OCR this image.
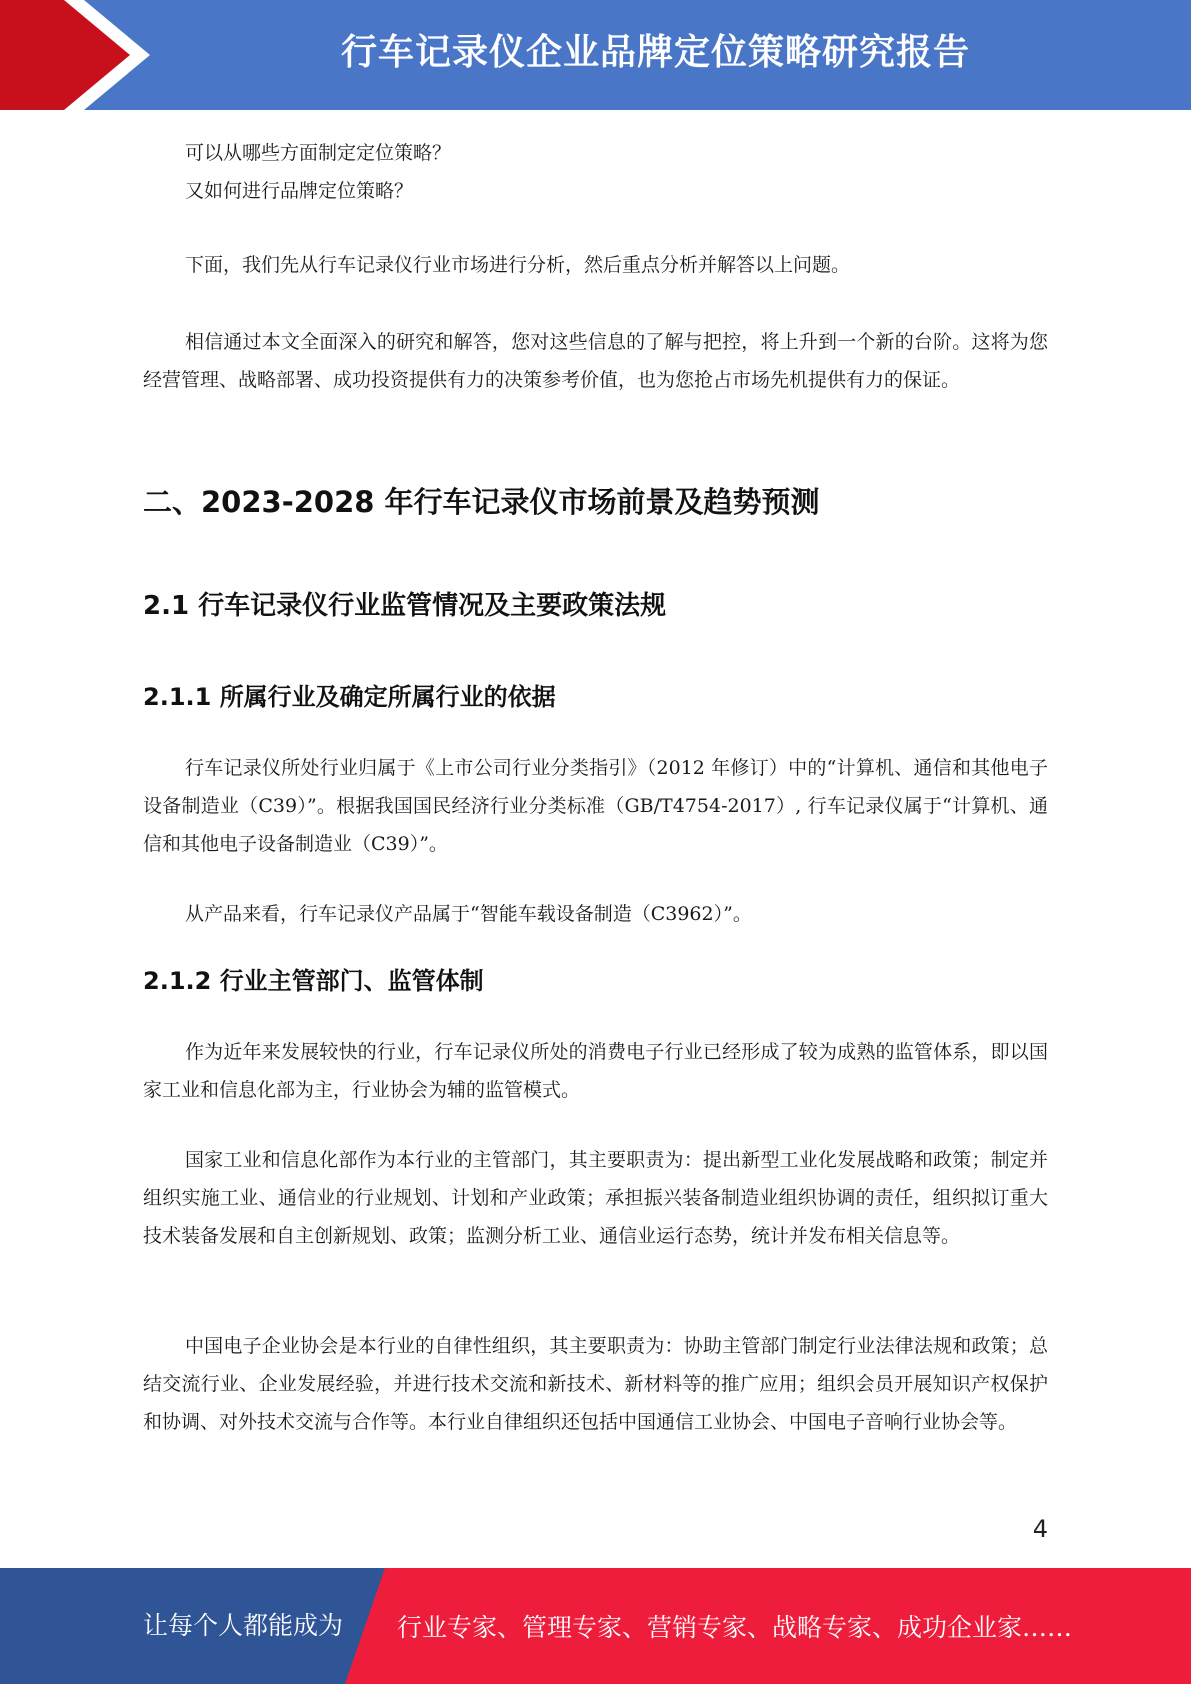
行车记录仪企业品牌定位策略研究报告

可以从哪些方面制定定位策略？

又如何进行品牌定位策略？

下面，我们先从行车记录仪行业市场进行分析，然后重点分析并解答以上问题。

相信通过本文全面深入的研究和解答，您对这些信息的了解与把控，将上升到一个新的台阶。这将为您经营管理、战略部署、成功投资提供有力的决策参考价值，也为您抢占市场先机提供有力的保证。

二、2023-2028 年行车记录仪市场前景及趋势预测
2.1 行车记录仪行业监管情况及主要政策法规
2.1.1 所属行业及确定所属行业的依据

行车记录仪所处行业归属于《上市公司行业分类指引》（2012 年修订）中的“计算机、通信和其他电子设备制造业（C39）”。根据我国国民经济行业分类标准（GB/T4754-2017）, 行车记录仪属于“计算机、通信和其他电子设备制造业（C39）”。

从产品来看，行车记录仪产品属于“智能车载设备制造（C3962）”。

2.1.2 行业主管部门、监管体制

作为近年来发展较快的行业，行车记录仪所处的消费电子行业已经形成了较为成熟的监管体系，即以国家工业和信息化部为主，行业协会为辅的监管模式。

国家工业和信息化部作为本行业的主管部门，其主要职责为：提出新型工业化发展战略和政策；制定并组织实施工业、通信业的行业规划、计划和产业政策；承担振兴装备制造业组织协调的责任，组织拟订重大技术装备发展和自主创新规划、政策；监测分析工业、通信业运行态势，统计并发布相关信息等。

中国电子企业协会是本行业的自律性组织，其主要职责为：协助主管部门制定行业法律法规和政策；总结交流行业、企业发展经验，并进行技术交流和新技术、新材料等的推广应用；组织会员开展知识产权保护和协调、对外技术交流与合作等。本行业自律组织还包括中国通信工业协会、中国电子音响行业协会等。

4
让每个人都能成为 行业专家、管理专家、营销专家、战略专家、成功企业家……
